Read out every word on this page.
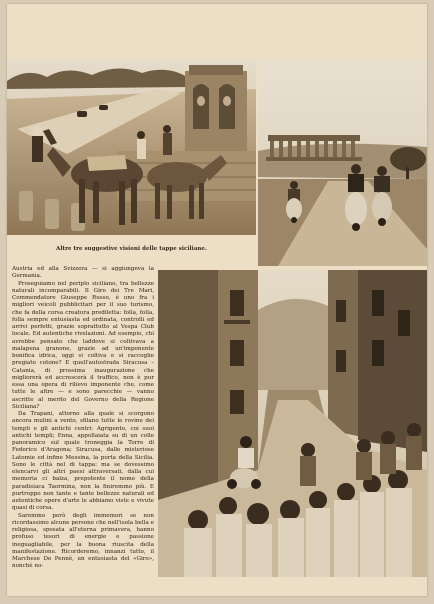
Altre tre suggestive visioni delle tappe siciliane.

Austria ed alla Svizzera — si aggiungeva la Germania.

Proseguiamo nel periplo siciliano, tra bellezze naturali incomparabili. Il Giro dei Tre Mari, Commendatore Giuseppe Russo, è uno fra i migliori veicoli pubblicitari per il suo turismo, che fa della corsa creatura prediletta: folla, folla, folla sempre entusiasta ed ordinata, controlli ed arrivi perfetti, grazie soprattutto al Vespa Club locale. Ed autentiche rivelazioni. Ad esempio, chi avrebbe pensato che laddove si coltivava a malapena granone, grazie ad un'imponente bonifica idrica, oggi si coltiva e si raccoglie pregiato cotone? E quell'autostrada Siracusa – Catania, di prossima inaugurazione che migliorerà ed accrescerà il traffico, non è pur essa una opera di rilievo imponente che, come tutte le altre — e sono parecchie — vanno ascritte al merito del Governo della Regione Siciliana?

Da Trapani, attorno alla quale si scorgono ancora mulini a vento, sfilano tutte le rovine dei templi e gli antichi centri: Agrigento, coi suoi antichi templi; Enna, appollaiata su di un colle panoramico sul quale troneggia la Torre di Federico d'Aragona; Siracusa, dalle misteriose Latomie ed infine Messina, la porta della Sicilia. Sono le città nel di tappa: ma se dovessimo elencarvi gli altri paesi attraversati, dalla cui memoria ci balza, prepotente il nome della paradisiaca Taormina, non la finiremmo più. E purtroppo non tante e tante bellezze naturali ed autentiche opere d'arte le abbiamo viste e vivute quasi di corsa.

Saremmo però degli immemori se non ricordassimo alcune persone che nell'isola bella e religiosa, sposata all'eterna primavera, hanno profuso tesori di energie e passione ineguagliabile, per la buona riuscita della manifestazione. Ricorderemo, innanzi tutto, il Marchese De Pennè, un entusiasta del «Giro», nonchè no-
